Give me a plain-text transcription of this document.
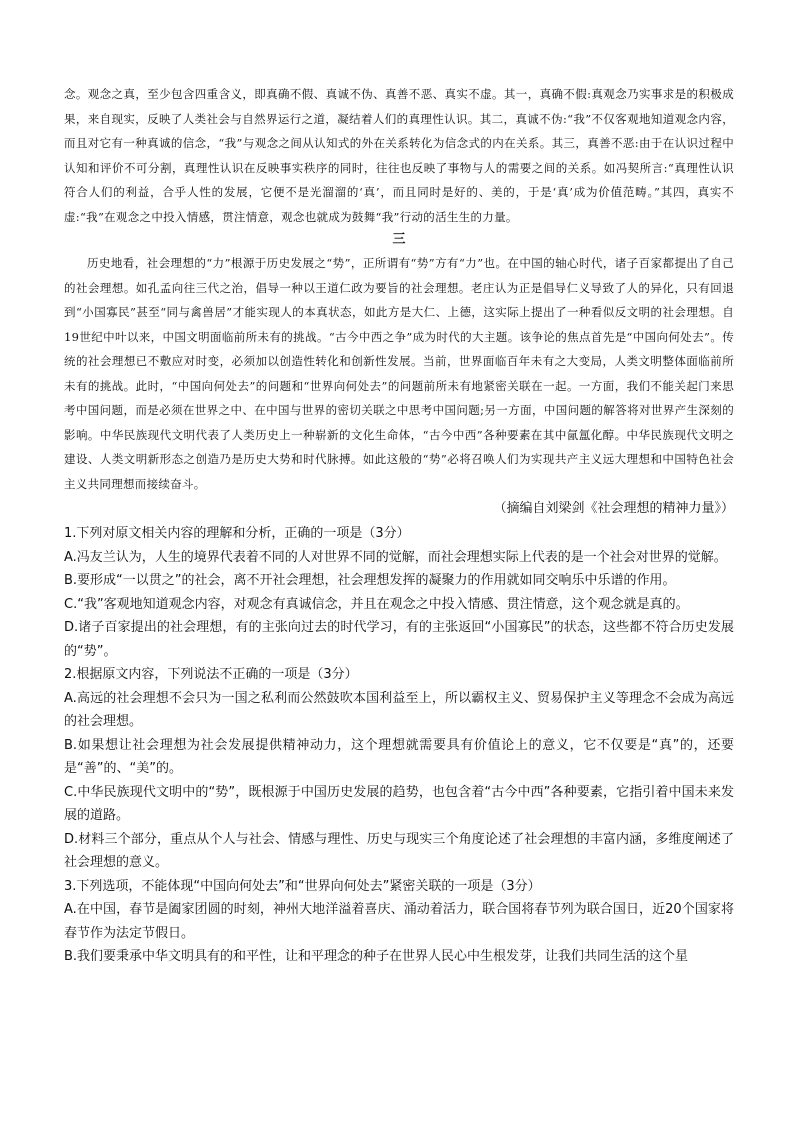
念。观念之真，至少包含四重含义，即真确不假、真诚不伪、真善不恶、真实不虚。其一，真确不假:真观念乃实事求是的积极成果，来自现实，反映了人类社会与自然界运行之道，凝结着人们的真理性认识。其二，真诚不伪:“我”不仅客观地知道观念内容，而且对它有一种真诚的信念，“我”与观念之间从认知式的外在关系转化为信念式的内在关系。其三，真善不恶:由于在认识过程中认知和评价不可分割，真理性认识在反映事实秩序的同时，往往也反映了事物与人的需要之间的关系。如冯契所言:“真理性认识符合人们的利益，合乎人性的发展，它便不是光溜溜的‘真’，而且同时是好的、美的，于是‘真’成为价值范畴。”其四，真实不虚:“我”在观念之中投入情感，贯注情意，观念也就成为鼓舞“我”行动的活生生的力量。

三

历史地看，社会理想的“力”根源于历史发展之“势”，正所谓有“势”方有“力”也。在中国的轴心时代，诸子百家都提出了自己的社会理想。如孔孟向往三代之治，倡导一种以王道仁政为要旨的社会理想。老庄认为正是倡导仁义导致了人的异化，只有回退到“小国寡民”甚至“同与禽兽居”才能实现人的本真状态，如此方是大仁、上德，这实际上提出了一种看似反文明的社会理想。自19世纪中叶以来，中国文明面临前所未有的挑战。“古今中西之争”成为时代的大主题。该争论的焦点首先是“中国向何处去”。传统的社会理想已不敷应对时变，必须加以创造性转化和创新性发展。当前，世界面临百年未有之大变局，人类文明整体面临前所未有的挑战。此时，“中国向何处去”的问题和“世界向何处去”的问题前所未有地紧密关联在一起。一方面，我们不能关起门来思考中国问题，而是必须在世界之中、在中国与世界的密切关联之中思考中国问题;另一方面，中国问题的解答将对世界产生深刻的影响。中华民族现代文明代表了人类历史上一种崭新的文化生命体，“古今中西”各种要素在其中氤氲化醇。中华民族现代文明之建设、人类文明新形态之创造乃是历史大势和时代脉搏。如此这般的“势”必将召唤人们为实现共产主义远大理想和中国特色社会主义共同理想而接续奋斗。

（摘编自刘梁剑《社会理想的精神力量》）

1.下列对原文相关内容的理解和分析，正确的一项是（3分）

A.冯友兰认为，人生的境界代表着不同的人对世界不同的觉解，而社会理想实际上代表的是一个社会对世界的觉解。

B.要形成“一以贯之”的社会，离不开社会理想，社会理想发挥的凝聚力的作用就如同交响乐中乐谱的作用。

C.“我”客观地知道观念内容，对观念有真诚信念，并且在观念之中投入情感、贯注情意，这个观念就是真的。

D.诸子百家提出的社会理想，有的主张向过去的时代学习，有的主张返回“小国寡民”的状态，这些都不符合历史发展的“势”。

2.根据原文内容，下列说法不正确的一项是（3分）

A.高远的社会理想不会只为一国之私利而公然鼓吹本国利益至上，所以霸权主义、贸易保护主义等理念不会成为高远的社会理想。

B.如果想让社会理想为社会发展提供精神动力，这个理想就需要具有价值论上的意义，它不仅要是“真”的，还要是“善”的、“美”的。

C.中华民族现代文明中的“势”，既根源于中国历史发展的趋势，也包含着“古今中西”各种要素，它指引着中国未来发展的道路。

D.材料三个部分，重点从个人与社会、情感与理性、历史与现实三个角度论述了社会理想的丰富内涵，多维度阐述了社会理想的意义。

3.下列选项，不能体现“中国向何处去”和“世界向何处去”紧密关联的一项是（3分）

A.在中国，春节是阖家团圆的时刻，神州大地洋溢着喜庆、涌动着活力，联合国将春节列为联合国日，近20个国家将春节作为法定节假日。

B.我们要秉承中华文明具有的和平性，让和平理念的种子在世界人民心中生根发芽，让我们共同生活的这个星
